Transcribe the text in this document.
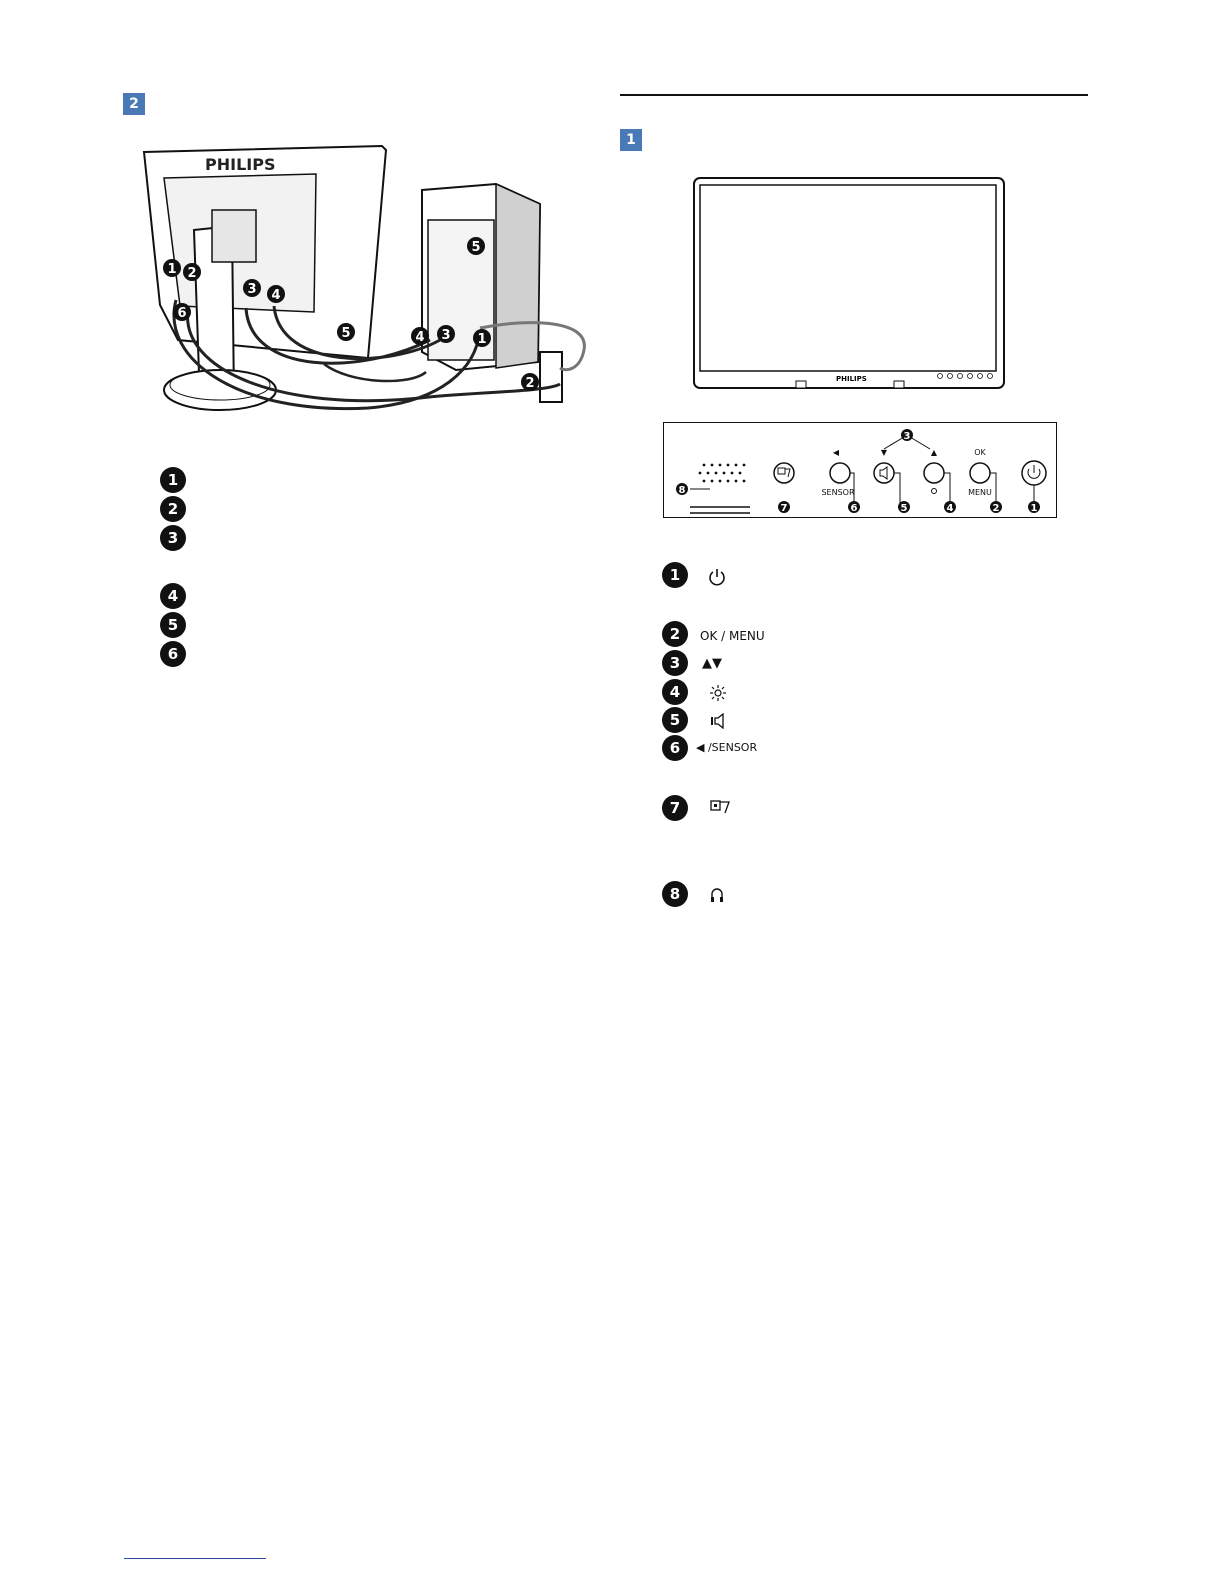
2
PHILIPS
1 2
6
3 4
5
5
4 3 1
2
1
2
3
4
5
6
1
PHILIPS
3
7	6	5	4	2	1
8
◀	▼	▲	OK
SENSOR	MENU
1
2	OK / MENU
3	▲▼
4
5
6	◀ /SENSOR
7
8
